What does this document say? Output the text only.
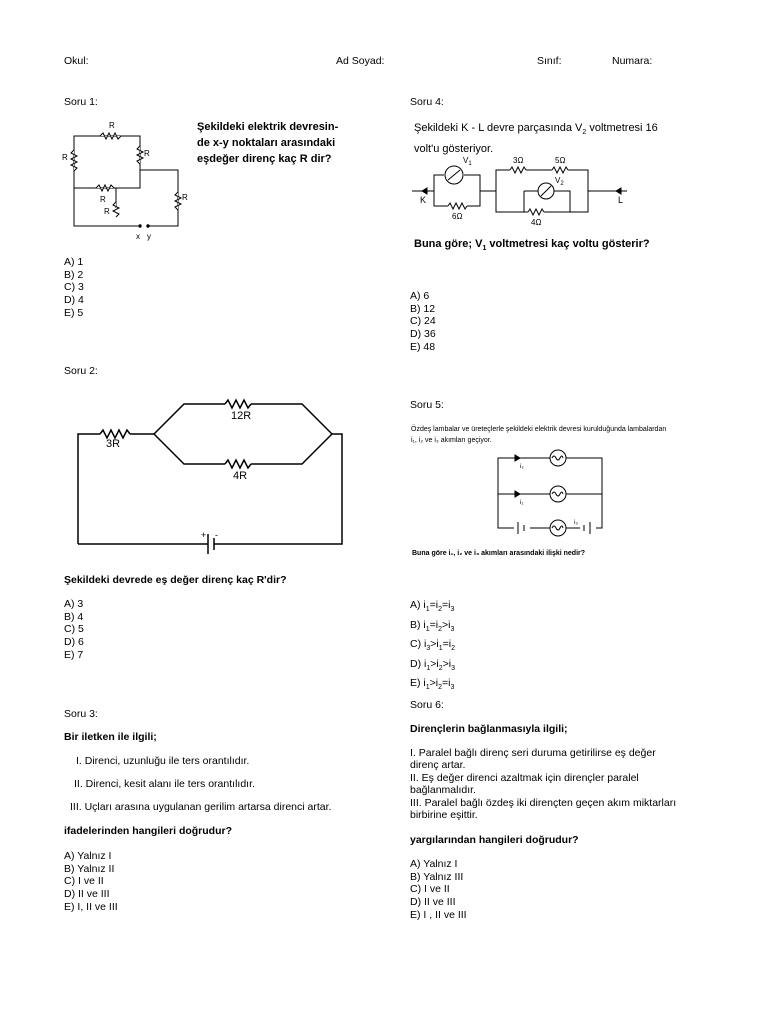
Okul:	Ad Soyad:	Sınıf:	Numara:
Soru 1:
R
R	R
R
R
R
x y
Şekildeki elektrik devresin-
de x-y noktaları arasındaki
eşdeğer direnç kaç R dir?
A) 1
B) 2
C) 3
D) 4
E) 5
Soru 2:
3R
12R
4R
+ -
Şekildeki devrede eş değer direnç kaç R'dir?
A) 3
B) 4
C) 5
D) 6
E) 7
Soru 3:
Bir iletken ile ilgili;
I. Direnci, uzunluğu ile ters orantılıdır.
II. Direnci, kesit alanı ile ters orantılıdır.
III. Uçları arasına uygulanan gerilim artarsa direnci artar.
ifadelerinden hangileri doğrudur?
A) Yalnız I
B) Yalnız II
C) I ve II
D) II ve III
E) I, II ve III
Soru 4:
Şekildeki K - L devre parçasında $V_2$ voltmetresi 16
volt'u gösteriyor.
K	L
$V_1$
$V_2$
3Ω	5Ω
6Ω
4Ω
Buna göre; $V_1$ voltmetresi kaç voltu gösterir?
A) 6
B) 12
C) 24
D) 36
E) 48
Soru 5:
Özdeş lambalar ve üreteçlerle şekildeki elektrik devresi kurulduğunda lambalardan
i₁, i₂ ve i₃ akımları geçiyor.
i₂
i₁
i₃
Buna göre i₁, i₂ ve i₃ akımları arasındaki ilişki nedir?
A) $i_1=i_2=i_3$
B) $i_1=i_2>i_3$
C) $i_3>i_1=i_2$
D) $i_1>i_2>i_3$
E) $i_1>i_2=i_3$
Soru 6:
Dirençlerin bağlanmasıyla ilgili;
I. Paralel bağlı direnç seri duruma getirilirse eş değer
direnç artar.
II. Eş değer direnci azaltmak için dirençler paralel
bağlanmalıdır.
III. Paralel bağlı özdeş iki dirençten geçen akım miktarları
birbirine eşittir.
yargılarından hangileri doğrudur?
A) Yalnız I
B) Yalnız III
C) I ve II
D) II ve III
E) I , II ve III
